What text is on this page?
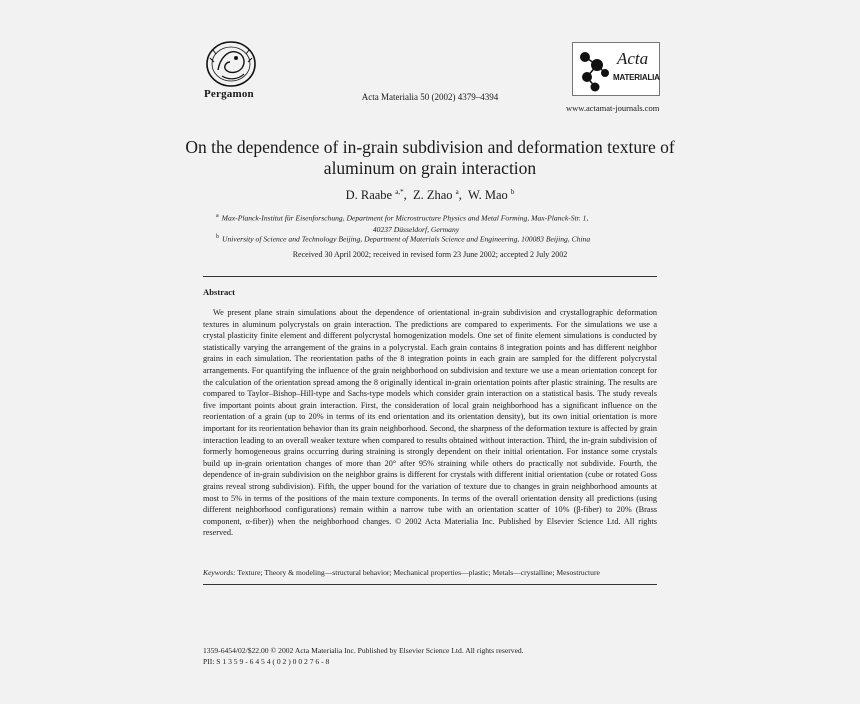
Pergamon	Acta Materialia 50 (2002) 4379–4394
Acta
MATERIALIA
www.actamat-journals.com
On the dependence of in-grain subdivision and deformation texture of aluminum on grain interaction
D. Raabe $^{a,*}$,  Z. Zhao $^a$,  W. Mao $^b$
$^a$ Max-Planck-Institut für Eisenforschung, Department for Microstructure Physics and Metal Forming, Max-Planck-Str. 1,
40237 Düsseldorf, Germany
$^b$ University of Science and Technology Beijing, Department of Materials Science and Engineering, 100083 Beijing, China
Received 30 April 2002; received in revised form 23 June 2002; accepted 2 July 2002
Abstract

We present plane strain simulations about the dependence of orientational in-grain subdivision and crystallographic deformation textures in aluminum polycrystals on grain interaction. The predictions are compared to experiments. For the simulations we use a crystal plasticity finite element and different polycrystal homogenization models. One set of finite element simulations is conducted by statistically varying the arrangement of the grains in a polycrystal. Each grain contains 8 integration points and has different neighbor grains in each simulation. The reorientation paths of the 8 integration points in each grain are sampled for the different polycrystal arrangements. For quantifying the influence of the grain neighborhood on subdivision and texture we use a mean orientation concept for the calculation of the orientation spread among the 8 originally identical in-grain orientation points after plastic straining. The results are compared to Taylor–Bishop–Hill-type and Sachs-type models which consider grain interaction on a statistical basis. The study reveals five important points about grain interaction. First, the consideration of local grain neighborhood has a significant influence on the reorientation of a grain (up to 20% in terms of its end orientation and its orientation density), but its own initial orientation is more important for its reorientation behavior than its grain neighborhood. Second, the sharpness of the deformation texture is affected by grain interaction leading to an overall weaker texture when compared to results obtained without interaction. Third, the in-grain subdivision of formerly homogeneous grains occurring during straining is strongly dependent on their initial orientation. For instance some crystals build up in-grain orientation changes of more than 20° after 95% straining while others do practically not subdivide. Fourth, the dependence of in-grain subdivision on the neighbor grains is different for crystals with different initial orientation (cube or rotated Goss grains reveal strong subdivision). Fifth, the upper bound for the variation of texture due to changes in grain neighborhood amounts at most to 5% in terms of the positions of the main texture components. In terms of the overall orientation density all predictions (using different neighborhood configurations) remain within a narrow tube with an orientation scatter of 10% (β-fiber) to 20% (Brass component, α-fiber)) when the neighborhood changes. © 2002 Acta Materialia Inc. Published by Elsevier Science Ltd. All rights reserved.

Keywords: Texture; Theory & modeling—structural behavior; Mechanical properties—plastic; Metals—crystalline; Mesostructure
1359-6454/02/$22.00 © 2002 Acta Materialia Inc. Published by Elsevier Science Ltd. All rights reserved.
PII: S 1 3 5 9 - 6 4 5 4 ( 0 2 ) 0 0 2 7 6 - 8
